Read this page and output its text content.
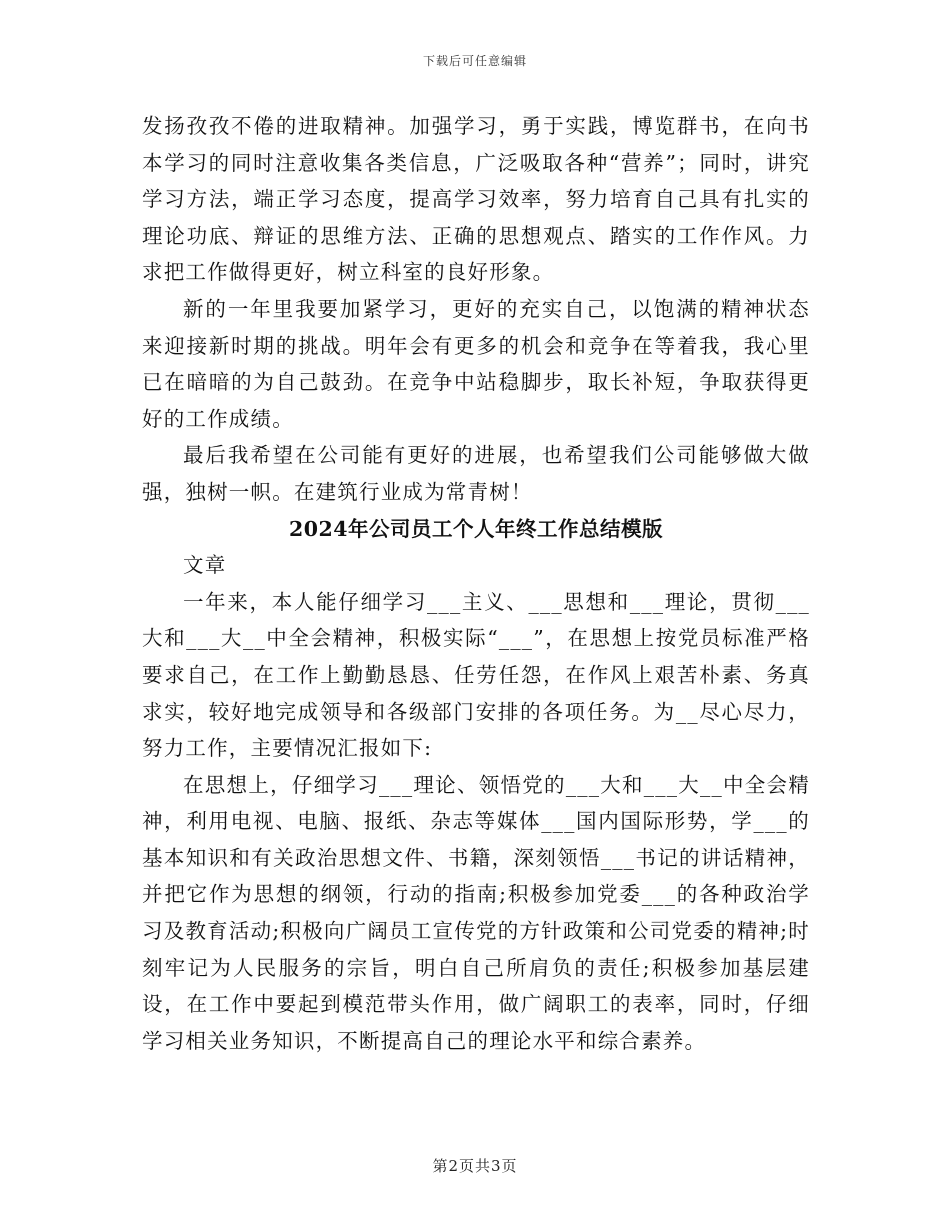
下载后可任意编辑

发扬孜孜不倦的进取精神。加强学习，勇于实践，博览群书，在向书本学习的同时注意收集各类信息，广泛吸取各种“营养”；同时，讲究学习方法，端正学习态度，提高学习效率，努力培育自己具有扎实的理论功底、辩证的思维方法、正确的思想观点、踏实的工作作风。力求把工作做得更好，树立科室的良好形象。

新的一年里我要加紧学习，更好的充实自己，以饱满的精神状态来迎接新时期的挑战。明年会有更多的机会和竞争在等着我，我心里已在暗暗的为自己鼓劲。在竞争中站稳脚步，取长补短，争取获得更好的工作成绩。

最后我希望在公司能有更好的进展，也希望我们公司能够做大做强，独树一帜。在建筑行业成为常青树！

2024年公司员工个人年终工作总结模版

文章

一年来，本人能仔细学习___主义、___思想和___理论，贯彻___大和___大__中全会精神，积极实际“___”，在思想上按党员标准严格要求自己，在工作上勤勤恳恳、任劳任怨，在作风上艰苦朴素、务真求实，较好地完成领导和各级部门安排的各项任务。为__尽心尽力，努力工作，主要情况汇报如下:

在思想上，仔细学习___理论、领悟党的___大和___大__中全会精神，利用电视、电脑、报纸、杂志等媒体___国内国际形势，学___的基本知识和有关政治思想文件、书籍，深刻领悟___书记的讲话精神，并把它作为思想的纲领，行动的指南;积极参加党委___的各种政治学习及教育活动;积极向广阔员工宣传党的方针政策和公司党委的精神;时刻牢记为人民服务的宗旨，明白自己所肩负的责任;积极参加基层建设，在工作中要起到模范带头作用，做广阔职工的表率，同时，仔细学习相关业务知识，不断提高自己的理论水平和综合素养。

第2页共3页
